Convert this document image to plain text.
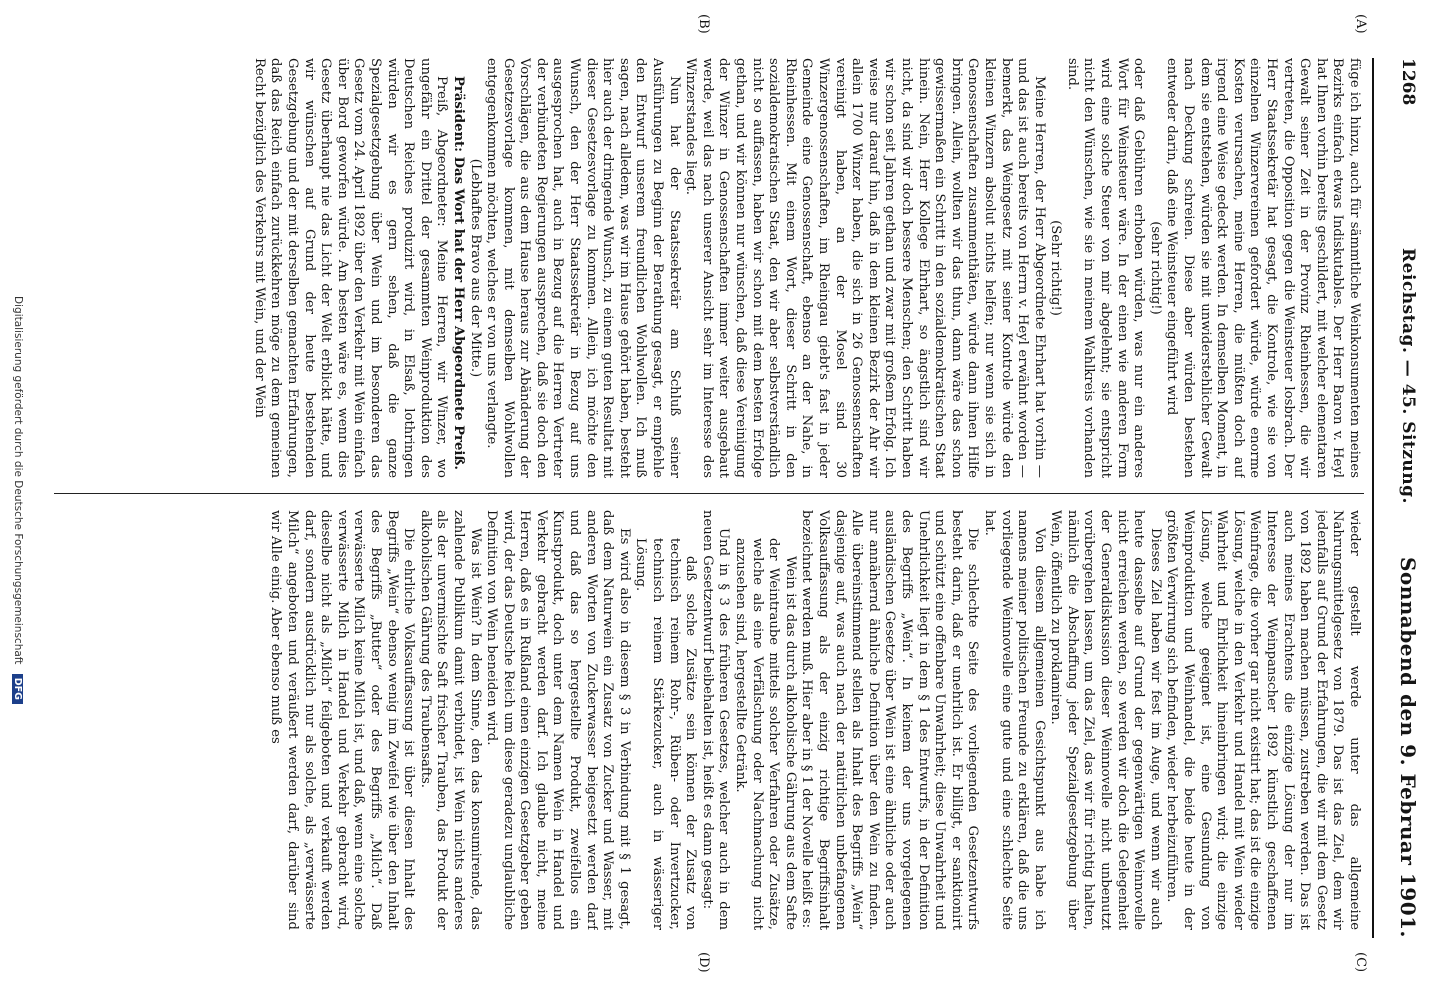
1268
Reichstag. — 45. Sitzung.
Sonnabend den 9. Februar 1901.
(A)
(B)
(C)
(D)

füge ich hinzu, auch für sämmtliche Weinkonsumenten meines Bezirks einfach etwas Indiskutables. Der Herr Baron v. Heyl hat Ihnen vorhin bereits geschildert, mit welcher elementaren Gewalt seiner Zeit in der Provinz Rheinhessen, die wir vertreten, die Opposition gegen die Weinsteuer losbrach. Der Herr Staatssekretär hat gesagt, die Kontrole, wie sie von einzelnen Winzervereinen gefordert würde, würde enorme Kosten verursachen, meine Herren, die müßten doch auf irgend eine Weise gedeckt werden. In demselben Moment, in dem sie entstehen, würden sie mit unwiderstehlicher Gewalt nach Deckung schreien. Diese aber würden bestehen entweder darin, daß eine Weinsteuer eingeführt wird

(sehr richtig!)

oder daß Gebühren erhoben würden, was nur ein anderes Wort für Weinsteuer wäre. In der einen wie anderen Form wird eine solche Steuer von mir abgelehnt; sie entspricht nicht den Wünschen, wie sie in meinem Wahlkreis vorhanden sind.

(Sehr richtig!)

Meine Herren, der Herr Abgeordnete Ehrhart hat vorhin — und das ist auch bereits von Herrn v. Heyl erwähnt worden — bemerkt, das Weingesetz mit seiner Kontrole würde den kleinen Winzern absolut nichts helfen; nur wenn sie sich in Genossenschaften zusammenthäten, würde dann ihnen Hilfe bringen. Allein, wollten wir das thun, dann wäre das schon gewissermaßen ein Schritt in den sozialdemokratischen Staat hinein. Nein, Herr Kollege Ehrhart, so ängstlich sind wir nicht, da sind wir doch bessere Menschen; den Schritt haben wir schon seit Jahren gethan und zwar mit großem Erfolg. Ich weise nur darauf hin, daß in dem kleinen Bezirk der Ahr wir allein 1700 Winzer haben, die sich in 26 Genossenschaften vereinigt haben, an der Mosel sind 30 Winzergenossenschaften, im Rheingau giebt's fast in jeder Gemeinde eine Genossenschaft, ebenso an der Nahe, in Rheinhessen. Mit einem Wort, dieser Schritt in den sozialdemokratischen Staat, den wir aber selbstverständlich nicht so auffassen, haben wir schon mit dem besten Erfolge gethan, und wir können nur wünschen, daß diese Vereinigung der Winzer in Genossenschaften immer weiter ausgebaut werde, weil das nach unserer Ansicht sehr im Interesse des Winzerstandes liegt.

Nun hat der Staatssekretär am Schluß seiner Ausführungen zu Beginn der Berathung gesagt, er empfehle den Entwurf unserem freundlichen Wohlwollen. Ich muß sagen, nach alledem, was wir im Hause gehört haben, besteht hier auch der dringende Wunsch, zu einem guten Resultat mit dieser Gesetzesvorlage zu kommen. Allein, ich möchte den Wunsch, den der Herr Staatssekretär in Bezug auf uns ausgesprochen hat, auch in Bezug auf die Herren Vertreter der verbündeten Regierungen aussprechen, daß sie doch den Vorschlägen, die aus dem Hause heraus zur Abänderung der Gesetzesvorlage kommen, mit demselben Wohlwollen entgegenkommen möchten, welches er von uns verlangte.

(Lebhaftes Bravo aus der Mitte.)

Präsident: Das Wort hat der Herr Abgeordnete Preiß.

Preiß, Abgeordneter: Meine Herren, wir Winzer, wo ungefähr ein Drittel der gesammten Weinproduktion des Deutschen Reiches produzirt wird, in Elsaß, lothringen würden wir es gern sehen, daß die ganze Spezialgesetzgebung über Wein und im besonderen das Gesetz vom 24. April 1892 über den Verkehr mit Wein einfach über Bord geworfen würde. Am besten wäre es, wenn dies Gesetz überhaupt nie das Licht der Welt erblickt hätte, und wir wünschen auf Grund der heute bestehenden Gesetzgebung und der mit derselben gemachten Erfahrungen, daß das Reich einfach zurückkehren möge zu dem gemeinen Recht bezüglich des Verkehrs mit Wein, und der Wein

wieder gestellt werde unter das allgemeine Nahrungsmittelgesetz von 1879. Das ist das Ziel, dem wir jedenfalls auf Grund der Erfahrungen, die wir mit dem Gesetz von 1892 haben machen müssen, zustreben werden. Das ist auch meines Erachtens die einzige Lösung der nur im Interesse der Weinpanscher 1892 künstlich geschaffenen Weinfrage, die vorher gar nicht existirt hat; das ist die einzige Lösung, welche in den Verkehr und Handel mit Wein wieder Wahrheit und Ehrlichkeit hineinbringen wird; die einzige Lösung, welche geeignet ist, eine Gesundung von Weinproduktion und Weinhandel, die beide heute in der größten Verwirrung sich befinden, wieder herbeizuführen.

Dieses Ziel haben wir fest im Auge, und wenn wir auch heute dasselbe auf Grund der gegenwärtigen Weinnovelle nicht erreichen werden, so werden wir doch die Gelegenheit der Generaldiskussion dieser Weinnovelle nicht unbenutzt vorübergehen lassen, um das Ziel, das wir für richtig halten, nämlich die Abschaffung jeder Spezialgesetzgebung über Wein, öffentlich zu proklamiren.

Von diesem allgemeinen Gesichtspunkt aus habe ich namens meiner politischen Freunde zu erklären, daß die uns vorliegende Weinnovelle eine gute und eine schlechte Seite hat.

Die schlechte Seite des vorliegenden Gesetzentwurfs besteht darin, daß er unehrlich ist. Er billigt, er sanktionirt und schützt eine offenbare Unwahrheit; diese Unwahrheit und Unehrlichkeit liegt in dem § 1 des Entwurfs, in der Definition des Begriffs „Wein“. In keinem der uns vorgelegenen ausländischen Gesetze über Wein ist eine ähnliche oder auch nur annähernd ähnliche Definition über den Wein zu finden. Alle übereinstimmend stellen als Inhalt des Begriffs „Wein“ dasjenige auf, was auch nach der natürlichen unbefangenen Volksauffassung als der einzig richtige Begriffsinhalt bezeichnet werden muß. Hier aber in § 1 der Novelle heißt es:

Wein ist das durch alkoholische Gährung aus dem Safte der Weintraube mittels solcher Verfahren oder Zusätze, welche als eine Verfälschung oder Nachmachung nicht anzusehen sind, hergestellte Getränk.

Und in § 3 des früheren Gesetzes, welcher auch in dem neuen Gesetzentwurf beibehalten ist, heißt es dann gesagt:

daß solche Zusätze sein können der Zusatz von technisch reinem Rohr-, Rüben- oder Invertzucker, technisch reinem Stärkezucker, auch in wässeriger Lösung.

Es wird also in diesem § 3 in Verbindung mit § 1 gesagt, daß dem Naturwein ein Zusatz von Zucker und Wasser, mit anderen Worten von Zuckerwasser beigesetzt werden darf und daß das so hergestellte Produkt, zweifellos ein Kunstprodukt, doch unter dem Namen Wein in Handel und Verkehr gebracht werden darf. Ich glaube nicht, meine Herren, daß es in Rußland einen einzigen Gesetzgeber geben wird, der das Deutsche Reich um diese geradezu unglaubliche Definition von Wein beneiden wird.

Was ist Wein? In dem Sinne, den das konsumirende, das zahlende Publikum damit verbindet, ist Wein nichts anderes als der unvermischte Saft frischer Trauben, das Produkt der alkoholischen Gährung des Traubensafts.

Die ehrliche Volksauffassung ist über diesen Inhalt des Begriffs „Wein“ ebenso wenig im Zweifel wie über den Inhalt des Begriffs „Butter“ oder des Begriffs „Milch“. Daß verwässerte Milch keine Milch ist, und daß, wenn eine solche verwässerte Milch in Handel und Verkehr gebracht wird, dieselbe nicht als „Milch“ feilgeboten und verkauft werden darf, sondern ausdrücklich nur als solche, als „verwässerte Milch“ angeboten und veräußert werden darf, darüber sind wir Alle einig. Aber ebenso muß es

Digitalisierung gefördert durch die Deutsche Forschungsgemeinschaft DFG
